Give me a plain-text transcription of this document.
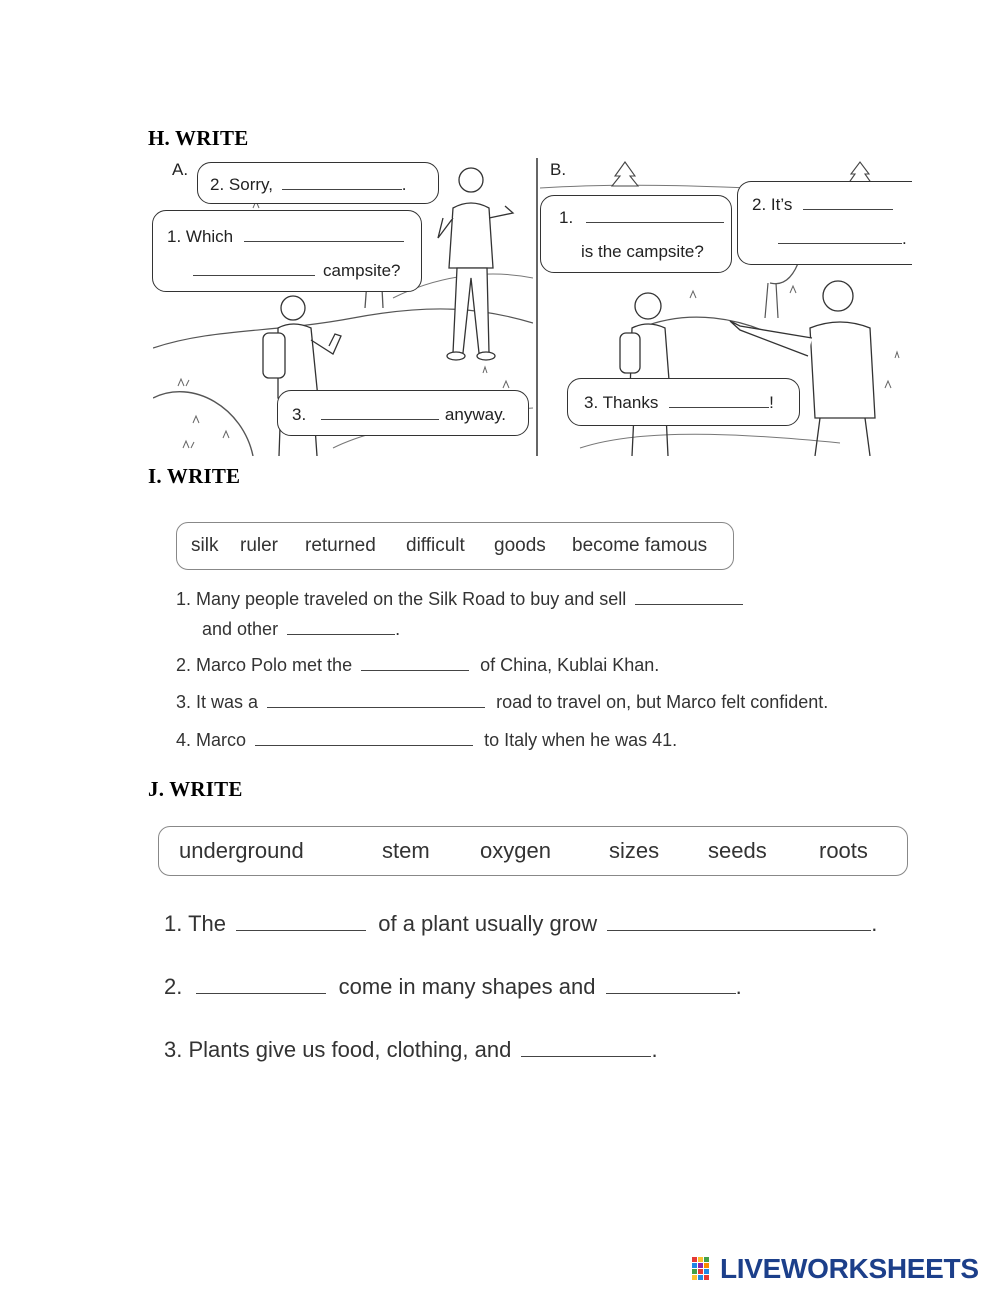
H. WRITE
A.
2. Sorry,	.
1. Which
campsite?
3.	anyway.
B.
1.
is the campsite?
2. It’s
.
3. Thanks	!
I. WRITE
silk ruler returned difficult goods become famous
1. Many people traveled on the Silk Road to buy and sell
and other	.
2. Marco Polo met the	of China, Kublai Khan.
3. It was a	road to travel on, but Marco felt confident.
4. Marco	to Italy when he was 41.
J. WRITE
underground	stem oxygen	sizes seeds roots
1. The	of a plant usually grow	.
2.	come in many shapes and	.
3. Plants give us food, clothing, and	.
LIVEWORKSHEETS
